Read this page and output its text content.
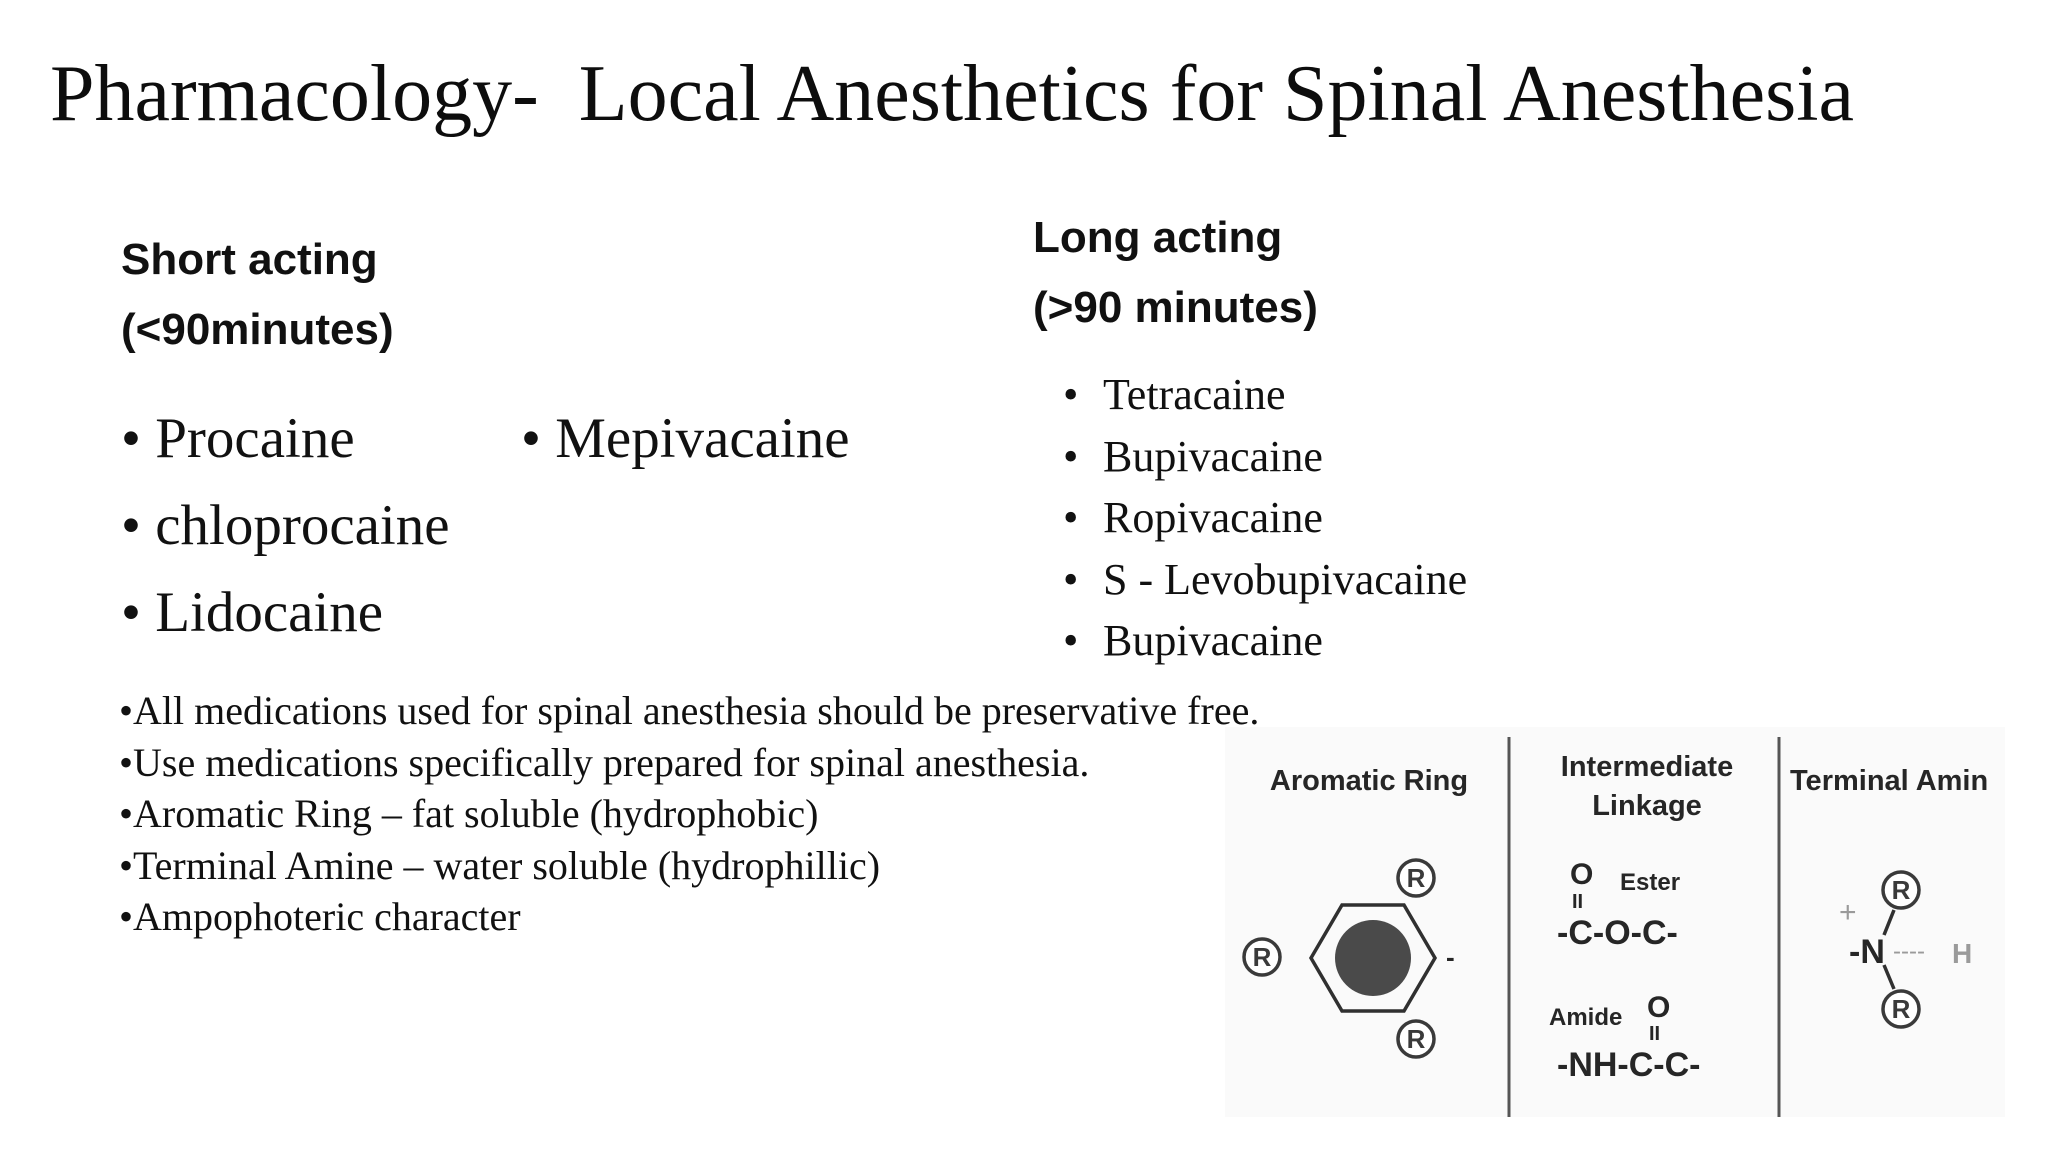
Pharmacology-  Local Anesthetics for Spinal Anesthesia
Short acting
(<90minutes)
• Procaine
• chloprocaine
• Lidocaine
• Mepivacaine
Long acting
(>90 minutes)
• Tetracaine
• Bupivacaine
• Ropivacaine
• S - Levobupivacaine
• Bupivacaine
• All medications used for spinal anesthesia should be preservative free.
• Use medications specifically prepared for spinal anesthesia.
• Aromatic Ring – fat soluble (hydrophobic)
• Terminal Amine – water soluble (hydrophillic)
• Ampophoteric character
Aromatic Ring	Intermediate
Linkage
Terminal Amin
-
R
R
R
O Ester
II
-C-O-C-
Amide O
II
-NH-C-C-
+
R
-N ---- H
R
